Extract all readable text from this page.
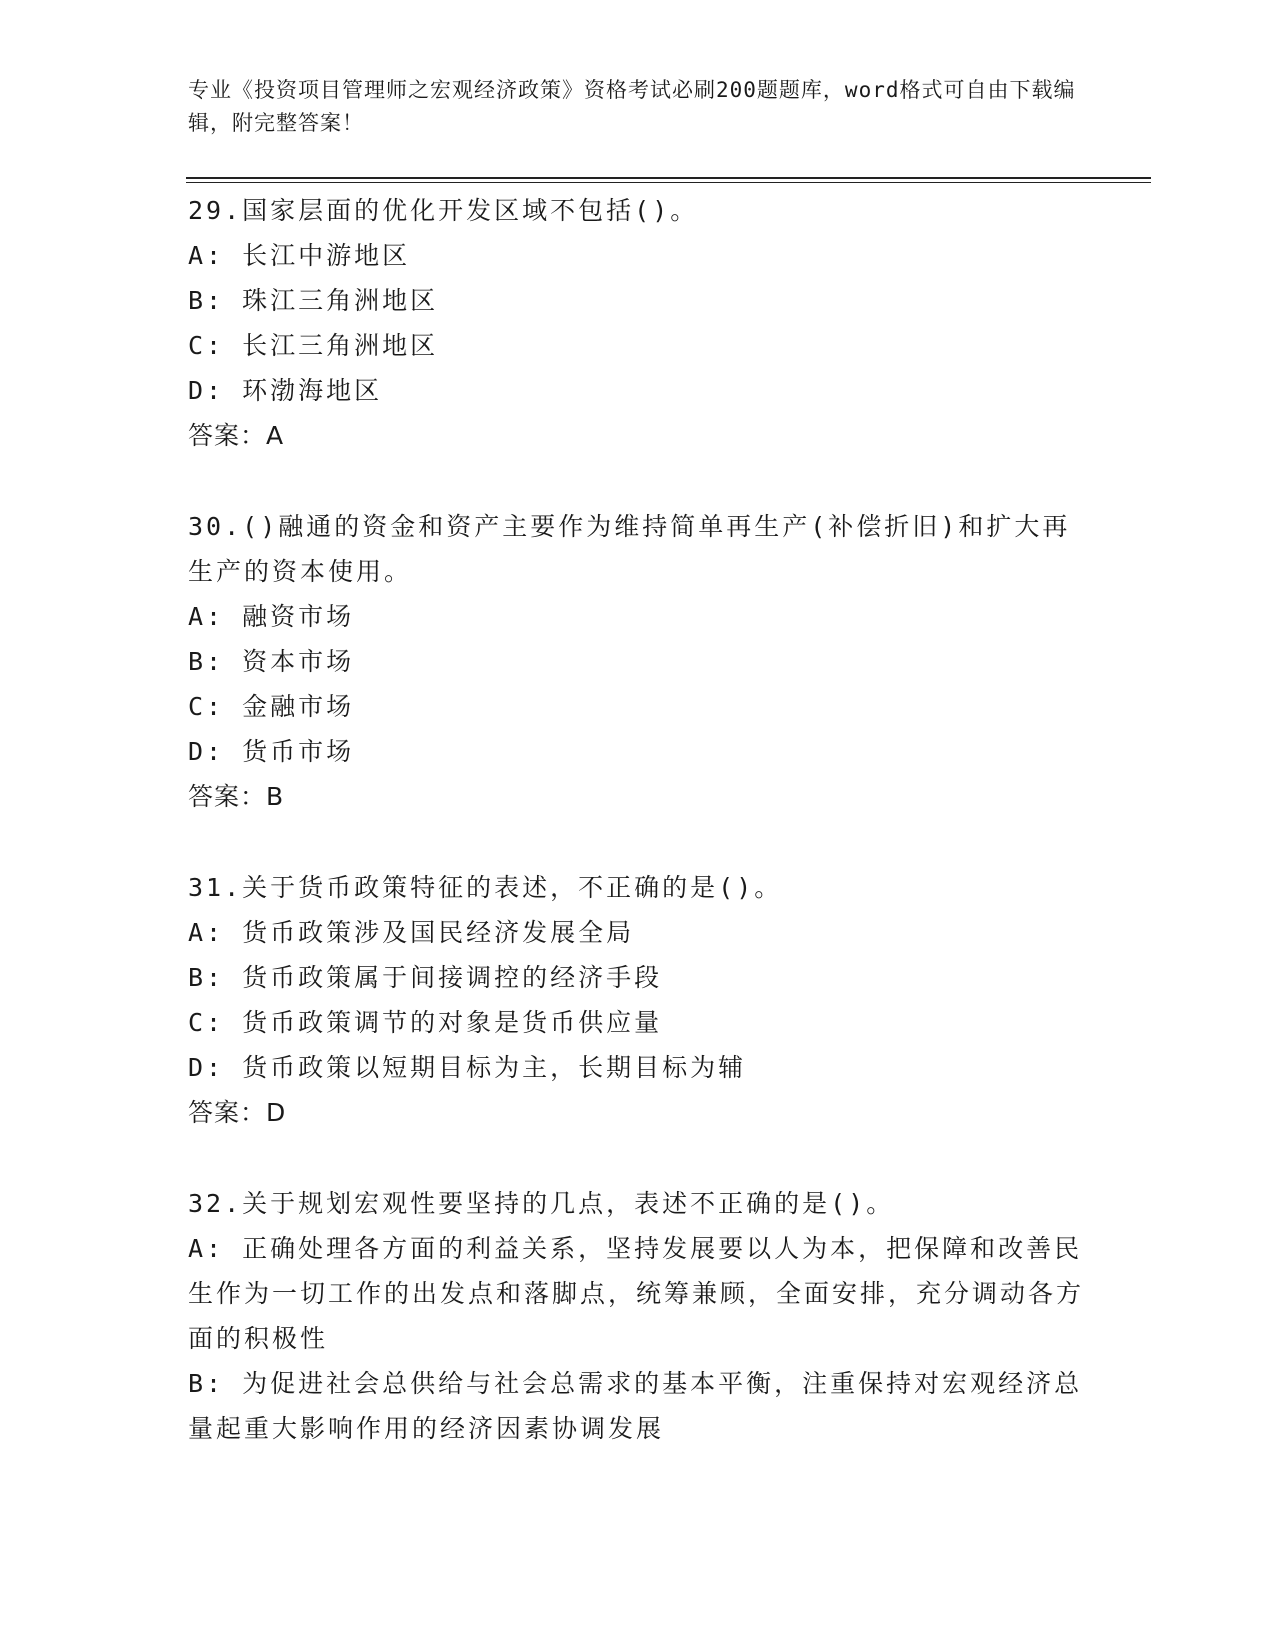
专业《投资项目管理师之宏观经济政策》资格考试必刷200题题库，word格式可自由下载编辑，附完整答案！
29.国家层面的优化开发区域不包括()。
A: 长江中游地区
B: 珠江三角洲地区
C: 长江三角洲地区
D: 环渤海地区
答案：A
30.()融通的资金和资产主要作为维持简单再生产(补偿折旧)和扩大再生产的资本使用。
A: 融资市场
B: 资本市场
C: 金融市场
D: 货币市场
答案：B
31.关于货币政策特征的表述，不正确的是()。
A: 货币政策涉及国民经济发展全局
B: 货币政策属于间接调控的经济手段
C: 货币政策调节的对象是货币供应量
D: 货币政策以短期目标为主，长期目标为辅
答案：D
32.关于规划宏观性要坚持的几点，表述不正确的是()。
A: 正确处理各方面的利益关系，坚持发展要以人为本，把保障和改善民生作为一切工作的出发点和落脚点，统筹兼顾，全面安排，充分调动各方面的积极性
B: 为促进社会总供给与社会总需求的基本平衡，注重保持对宏观经济总量起重大影响作用的经济因素协调发展
